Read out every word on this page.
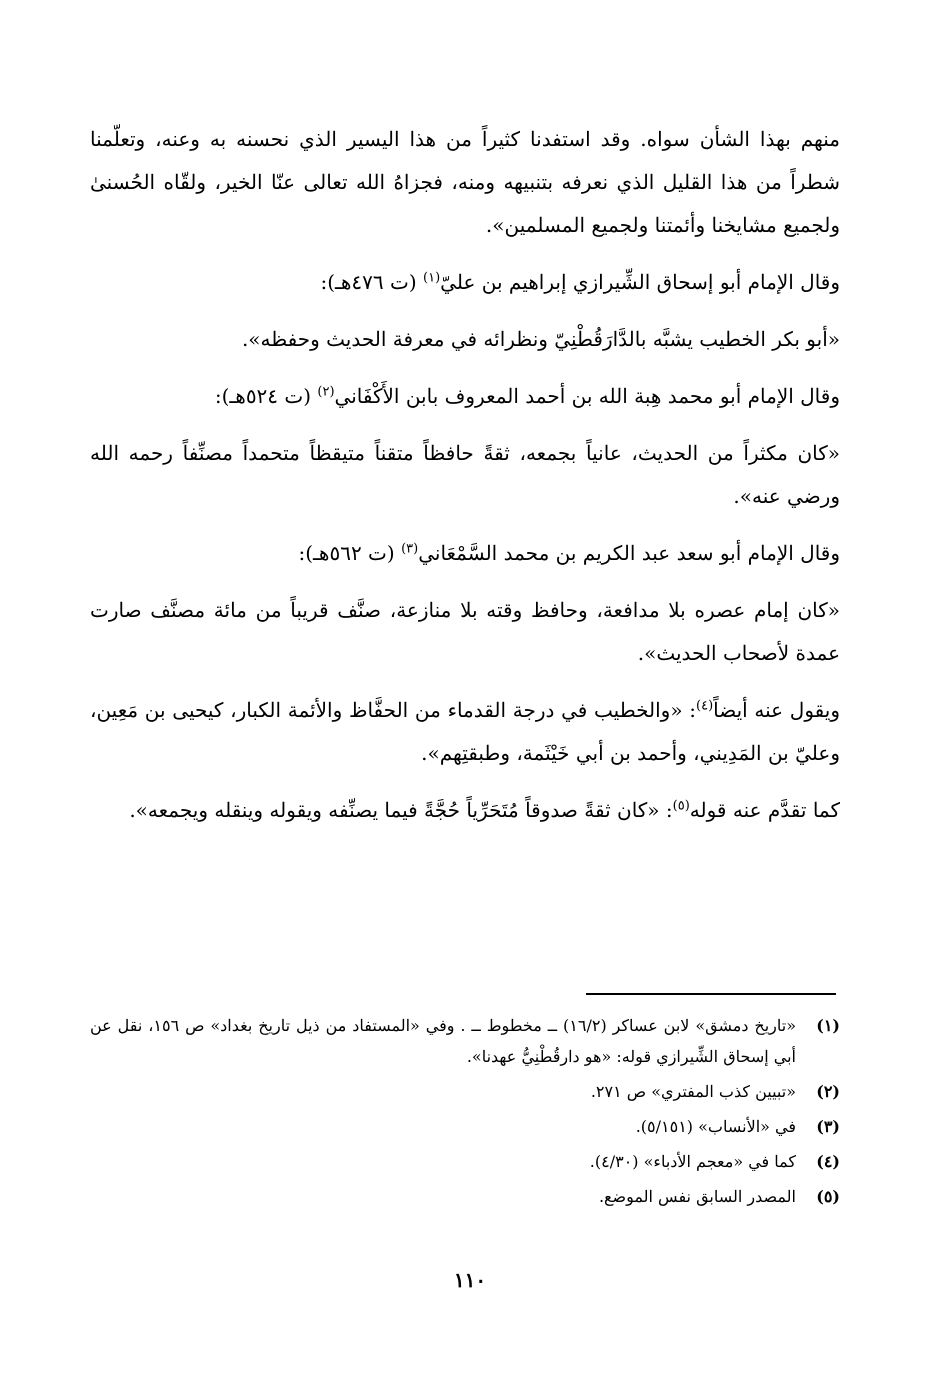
منهم بهذا الشأن سواه. وقد استفدنا كثيراً من هذا اليسير الذي نحسنه به وعنه، وتعلّمنا شطراً من هذا القليل الذي نعرفه بتنبيهه ومنه، فجزاهُ الله تعالى عنّا الخير، ولقّاه الحُسنىٰ ولجميع مشايخنا وأئمتنا ولجميع المسلمين».

وقال الإمام أبو إسحاق الشِّيرازي إبراهيم بن عليّ$^{(١)}$ (ت ٤٧٦هـ):

«أبو بكر الخطيب يشبَّه بالدَّارَقُطْنِيّ ونظرائه في معرفة الحديث وحفظه».

وقال الإمام أبو محمد هِبة الله بن أحمد المعروف بابن الأَكْفَاني$^{(٢)}$ (ت ٥٢٤هـ):

«كان مكثراً من الحديث، عانياً بجمعه، ثقةً حافظاً متقناً متيقظاً متحمداً مصنِّفاً رحمه الله ورضي عنه».

وقال الإمام أبو سعد عبد الكريم بن محمد السَّمْعَاني$^{(٣)}$ (ت ٥٦٢هـ):

«كان إمام عصره بلا مدافعة، وحافظ وقته بلا منازعة، صنَّف قريباً من مائة مصنَّف صارت عمدة لأصحاب الحديث».

ويقول عنه أيضاً$^{(٤)}$: «والخطيب في درجة القدماء من الحفَّاظ والأئمة الكبار، كيحيى بن مَعِين، وعليّ بن المَدِيني، وأحمد بن أبي خَيْثَمة، وطبقتِهم».

كما تقدَّم عنه قوله$^{(٥)}$: «كان ثقةً صدوقاً مُتَحَرِّياً حُجَّةً فيما يصنِّفه ويقوله وينقله ويجمعه».

(١)
«تاريخ دمشق» لابن عساكر (١٦/٢) ــ مخطوط ــ . وفي «المستفاد من ذيل تاريخ بغداد» ص ١٥٦، نقل عن أبي إسحاق الشِّيرازي قوله: «هو دارقُطْنِيُّ عهدنا».
(٢)
«تبيين كذب المفتري» ص ٢٧١.
(٣)
في «الأنساب» (٥/١٥١).
(٤)
كما في «معجم الأدباء» (٤/٣٠).
(٥)
المصدر السابق نفس الموضع.
١١٠
